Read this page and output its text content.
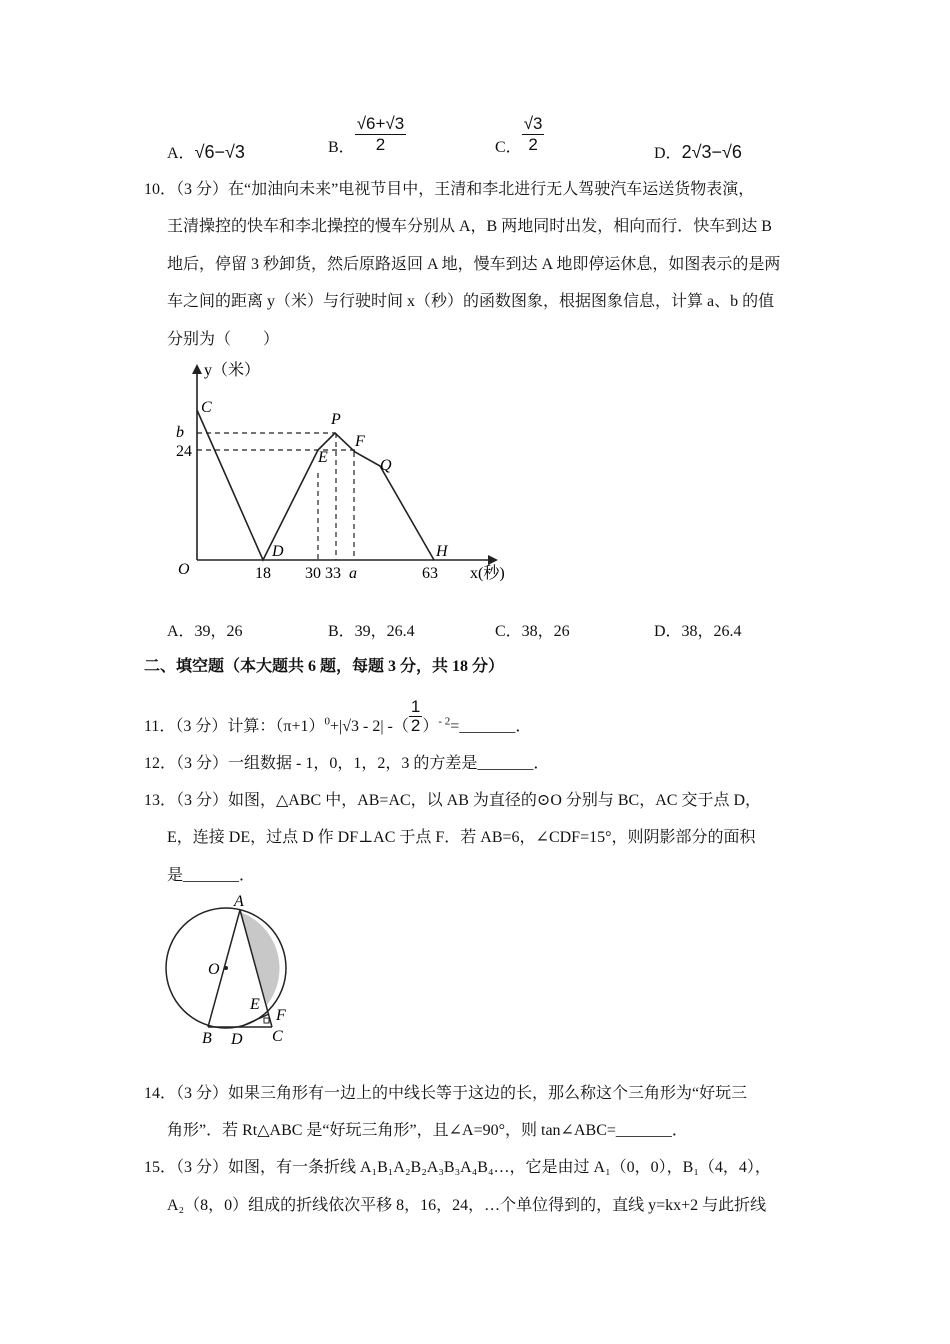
A．√6−√3	B． $\frac{√6+√3}{2}$	C． $\frac{√3}{2}$	D．2√3−√6
10．（3 分）在“加油向未来”电视节目中，王清和李北进行无人驾驶汽车运送货物表演，
王清操控的快车和李北操控的慢车分别从 A，B 两地同时出发，相向而行．快车到达 B
地后，停留 3 秒卸货，然后原路返回 A 地，慢车到达 A 地即停运休息，如图表示的是两
车之间的距离 y（米）与行驶时间 x（秒）的函数图象，根据图象信息，计算 a、b 的值
分别为（　　）
y（米）
C
b
24
O
D
E
P
F
Q
H
18 30 33 a	63 x(秒)
A
O
E
F
B D C
A．39，26	B．39，26.4	C．38，26	D．38，26.4
二、填空题（本大题共 6 题，每题 3 分，共 18 分）
11．（3 分）计算：$(\pi+1)^0+|√3 - 2|$ -（ $\frac{1}{2}$ ）$^{- 2}$=_______．
12．（3 分）一组数据 - 1，0，1，2，3 的方差是_______．
13．（3 分）如图，△ABC 中，AB=AC，以 AB 为直径的⊙O 分别与 BC，AC 交于点 D，
E，连接 DE，过点 D 作 DF⊥AC 于点 F．若 AB=6，∠CDF=15°，则阴影部分的面积
是_______．
14．（3 分）如果三角形有一边上的中线长等于这边的长，那么称这个三角形为“好玩三
角形”．若 Rt△ABC 是“好玩三角形”，且∠A=90°，则 tan∠ABC=_______．
15．（3 分）如图，有一条折线 A₁B₁A₂B₂A₃B₃A₄B₄…，它是由过 A₁（0，0），B₁（4，4），
A₂（8，0）组成的折线依次平移 8，16，24，…个单位得到的，直线 y=kx+2 与此折线
